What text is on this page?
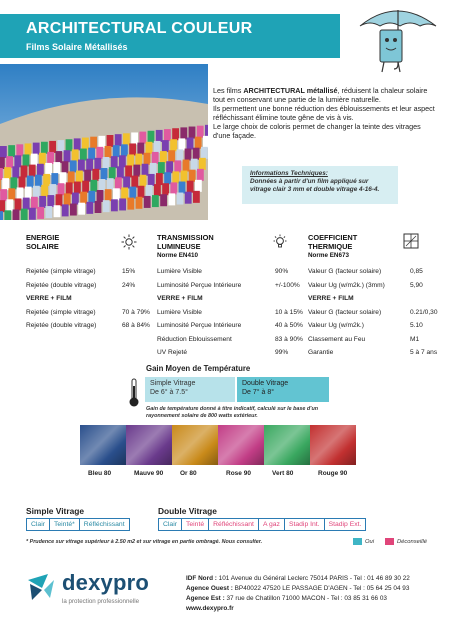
ARCHITECTURAL COULEUR
Films Solaire Métallisés

Les films ARCHITECTURAL métallisé, réduisent la chaleur solaire tout en conservant une partie de la lumière naturelle.

Ils permettent une bonne réduction des éblouissements et leur aspect réfléchissant élimine toute gêne de vis à vis.

Le large choix de coloris permet de changer la teinte des vitrages d'une façade.

Informations Techniques:
Données à partir d'un film appliqué sur vitrage clair 3 mm et double vitrage 4-16-4.
ENERGIE
SOLAIRE
Rejetée (simple vitrage)	15%
Rejetée (double vitrage)	24%
VERRE + FILM
Rejetée (simple vitrage)	70 à 79%
Rejetée (double vitrage)	68 à 84%
TRANSMISSION
LUMINEUSE
Norme EN410
Lumière Visible	90%
Luminosité Perçue Intérieure	+/-100%
VERRE + FILM
Lumière Visible	10 à 15%
Luminosité Perçue Intérieure	40 à 50%
Réduction Eblouissement	83 à 90%
UV Rejeté	99%
COEFFICIENT
THERMIQUE
Norme EN673
Valeur G (facteur solaire)	0,85
Valeur Ug (w/m2k.) (3mm)	5,90
VERRE + FILM
Valeur G (facteur solaire)	0.21/0,30
Valeur Ug (w/m2k.)	5.10
Classement au Feu	M1
Garantie	5 à 7 ans
Gain Moyen de Température
Simple Vitrage
De 6° à 7.5°
Double Vitrage
De 7° à 8°
Gain de température donné à titre indicatif, calculé sur le base d'un rayonnement solaire de 800 watts extérieur.
Bleu 80	Mauve 90	Or 80	Rose 90	Vert 80	Rouge 90
Simple Vitrage
Clair	Teinté*	Réfléchissant
Double Vitrage
Clair	Teinté	Réfléchissant	A gaz	Stadip Int.	Stadip Ext.
* Prudence sur vitrage supérieur à 2.50 m2 et sur vitrage en partie ombragé. Nous consulter.	Oui	Déconseillé
dexypro
la protection professionnelle
IDF Nord : 101 Avenue du Général Leclerc 75014 PARIS - Tel : 01 46 89 30 22
Agence Ouest : BP40022 47520 LE PASSAGE D'AGEN - Tel : 05 64 25 04 93
Agence Est : 37 rue de Chatillon 71000 MACON - Tel : 03 85 31 66 03
www.dexypro.fr
